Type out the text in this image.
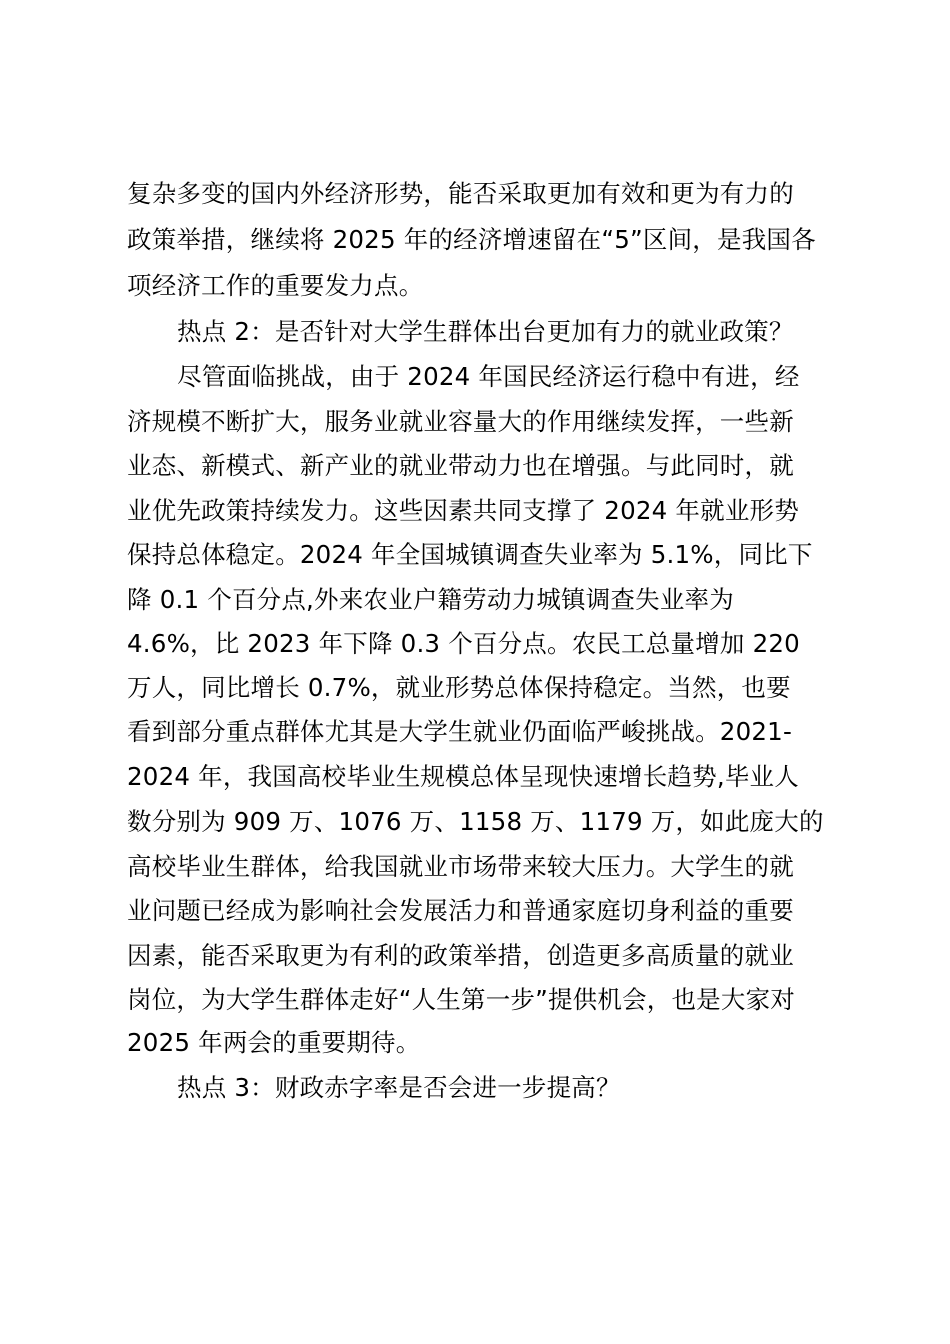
复杂多变的国内外经济形势，能否采取更加有效和更为有力的
政策举措，继续将 2025 年的经济增速留在“5”区间，是我国各
项经济工作的重要发力点。
热点 2：是否针对大学生群体出台更加有力的就业政策？
尽管面临挑战，由于 2024 年国民经济运行稳中有进，经
济规模不断扩大，服务业就业容量大的作用继续发挥，一些新
业态、新模式、新产业的就业带动力也在增强。与此同时，就
业优先政策持续发力。这些因素共同支撑了 2024 年就业形势
保持总体稳定。2024 年全国城镇调查失业率为 5.1%，同比下
降 0.1 个百分点,外来农业户籍劳动力城镇调查失业率为
4.6%，比 2023 年下降 0.3 个百分点。农民工总量增加 220
万人，同比增长 0.7%，就业形势总体保持稳定。当然，也要
看到部分重点群体尤其是大学生就业仍面临严峻挑战。2021-
2024 年，我国高校毕业生规模总体呈现快速增长趋势,毕业人
数分别为 909 万、1076 万、1158 万、1179 万，如此庞大的
高校毕业生群体，给我国就业市场带来较大压力。大学生的就
业问题已经成为影响社会发展活力和普通家庭切身利益的重要
因素，能否采取更为有利的政策举措，创造更多高质量的就业
岗位，为大学生群体走好“人生第一步”提供机会，也是大家对
2025 年两会的重要期待。
热点 3：财政赤字率是否会进一步提高？
